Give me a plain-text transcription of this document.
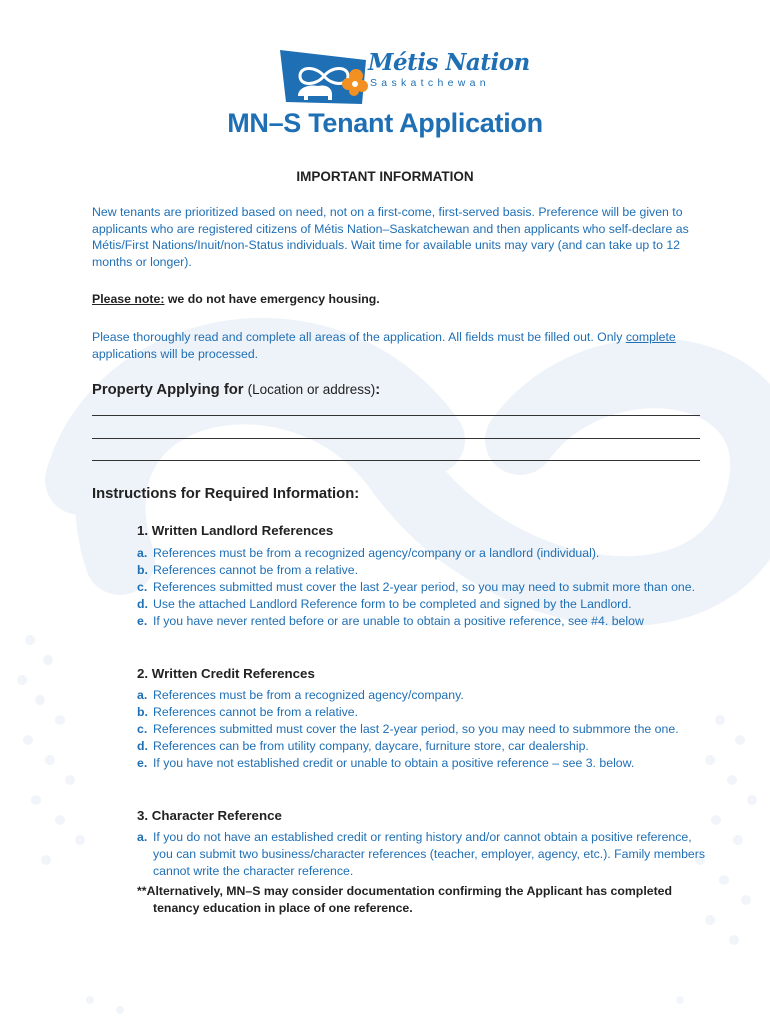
Métis Nation
Saskatchewan
MN–S Tenant Application
IMPORTANT INFORMATION
New tenants are prioritized based on need, not on a first-come, first-served basis. Preference will be given to applicants who are registered citizens of Métis Nation–Saskatchewan and then applicants who self-declare as Métis/First Nations/Inuit/non-Status individuals. Wait time for available units may vary (and can take up to 12 months or longer).
Please note: we do not have emergency housing.
Please thoroughly read and complete all areas of the application. All fields must be filled out. Only complete applications will be processed.
Property Applying for (Location or address):
Instructions for Required Information:
1. Written Landlord References
a. References must be from a recognized agency/company or a landlord (individual).
b. References cannot be from a relative.
c. References submitted must cover the last 2-year period, so you may need to submit more than one.
d. Use the attached Landlord Reference form to be completed and signed by the Landlord.
e. If you have never rented before or are unable to obtain a positive reference, see #4. below
2. Written Credit References
a. References must be from a recognized agency/company.
b. References cannot be from a relative.
c. References submitted must cover the last 2-year period, so you may need to submmore the one.
d. References can be from utility company, daycare, furniture store, car dealership.
e. If you have not established credit or unable to obtain a positive reference – see 3. below.
3. Character Reference
a. If you do not have an established credit or renting history and/or cannot obtain a positive reference, you can submit two business/character references (teacher, employer, agency, etc.). Family members cannot write the character reference.
**Alternatively, MN–S may consider documentation confirming the Applicant has completed
tenancy education in place of one reference.
